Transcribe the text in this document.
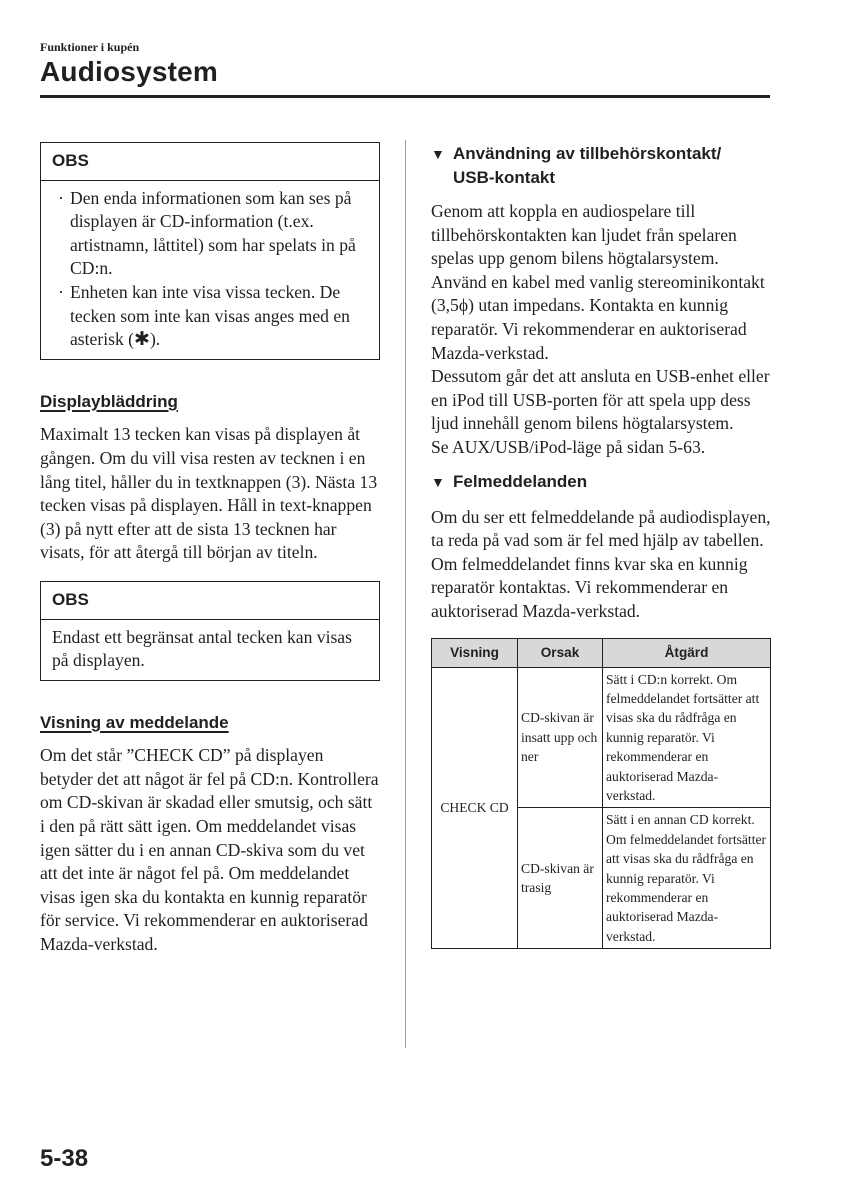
Funktioner i kupén
Audiosystem
OBS
· Den enda informationen som kan ses på displayen är CD-information (t.ex. artistnamn, låttitel) som har spelats in på CD:n.
· Enheten kan inte visa vissa tecken. De tecken som inte kan visas anges med en asterisk (✱).
Displaybläddring

Maximalt 13 tecken kan visas på displayen åt gången. Om du vill visa resten av tecknen i en lång titel, håller du in textknappen (3). Nästa 13 tecken visas på displayen. Håll in text-knappen (3) på nytt efter att de sista 13 tecknen har visats, för att återgå till början av titeln.

OBS

Endast ett begränsat antal tecken kan visas på displayen.

Visning av meddelande

Om det står ”CHECK CD” på displayen betyder det att något är fel på CD:n. Kontrollera om CD-skivan är skadad eller smutsig, och sätt i den på rätt sätt igen. Om meddelandet visas igen sätter du i en annan CD-skiva som du vet att det inte är något fel på. Om meddelandet visas igen ska du kontakta en kunnig reparatör för service. Vi rekommenderar en auktoriserad Mazda-verkstad.

▼ Användning av tillbehörskontakt/
USB-kontakt

Genom att koppla en audiospelare till tillbehörskontakten kan ljudet från spelaren spelas upp genom bilens högtalarsystem.

Använd en kabel med vanlig stereominikontakt (3,5ϕ) utan impedans. Kontakta en kunnig reparatör. Vi rekommenderar en auktoriserad Mazda-verkstad.

Dessutom går det att ansluta en USB-enhet eller en iPod till USB-porten för att spela upp dess ljud innehåll genom bilens högtalarsystem.

Se AUX/USB/iPod-läge på sidan 5-63.

▼ Felmeddelanden

Om du ser ett felmeddelande på audiodisplayen, ta reda på vad som är fel med hjälp av tabellen. Om felmeddelandet finns kvar ska en kunnig reparatör kontaktas. Vi rekommenderar en auktoriserad Mazda-verkstad.

Visning	Orsak	Åtgärd
CHECK CD	CD-skivan är insatt upp och ner	Sätt i CD:n korrekt. Om felmeddelandet fortsätter att visas ska du rådfråga en kunnig reparatör. Vi rekommenderar en auktoriserad Mazda-verkstad.
	CD-skivan är trasig	Sätt i en annan CD korrekt. Om felmeddelandet fortsätter att visas ska du rådfråga en kunnig reparatör. Vi rekommenderar en auktoriserad Mazda-verkstad.
5-38
